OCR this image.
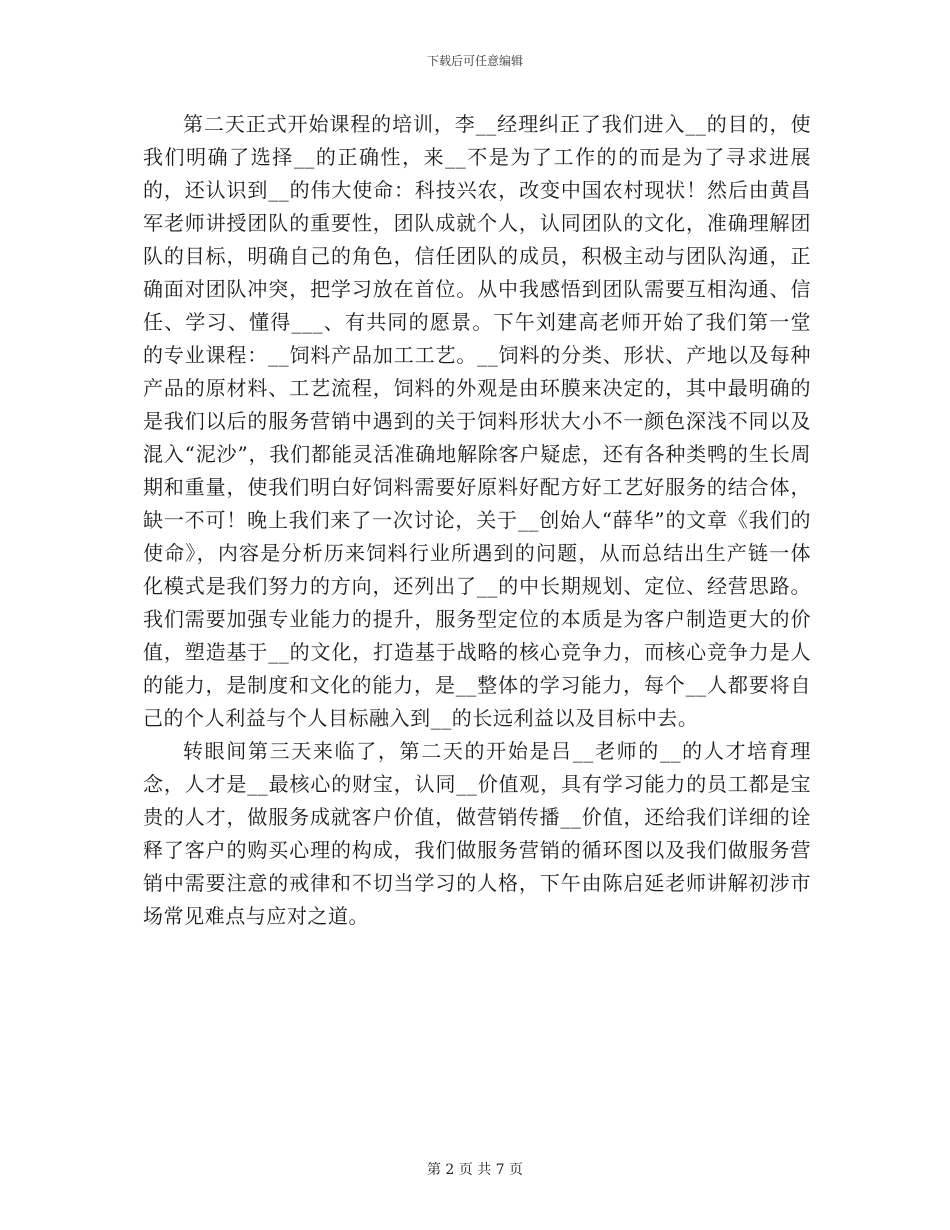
下载后可任意编辑

第二天正式开始课程的培训，李__经理纠正了我们进入__的目的，使我们明确了选择__的正确性，来__不是为了工作的的而是为了寻求进展的，还认识到__的伟大使命：科技兴农，改变中国农村现状！然后由黄昌军老师讲授团队的重要性，团队成就个人，认同团队的文化，准确理解团队的目标，明确自己的角色，信任团队的成员，积极主动与团队沟通，正确面对团队冲突，把学习放在首位。从中我感悟到团队需要互相沟通、信任、学习、懂得___、有共同的愿景。下午刘建高老师开始了我们第一堂的专业课程：__饲料产品加工工艺。__饲料的分类、形状、产地以及每种产品的原材料、工艺流程，饲料的外观是由环膜来决定的，其中最明确的是我们以后的服务营销中遇到的关于饲料形状大小不一颜色深浅不同以及混入“泥沙”，我们都能灵活准确地解除客户疑虑，还有各种类鸭的生长周期和重量，使我们明白好饲料需要好原料好配方好工艺好服务的结合体，缺一不可！晚上我们来了一次讨论，关于__创始人“薛华”的文章《我们的使命》，内容是分析历来饲料行业所遇到的问题，从而总结出生产链一体化模式是我们努力的方向，还列出了__的中长期规划、定位、经营思路。我们需要加强专业能力的提升，服务型定位的本质是为客户制造更大的价值，塑造基于__的文化，打造基于战略的核心竞争力，而核心竞争力是人的能力，是制度和文化的能力，是__整体的学习能力，每个__人都要将自己的个人利益与个人目标融入到__的长远利益以及目标中去。

转眼间第三天来临了，第二天的开始是吕__老师的__的人才培育理念，人才是__最核心的财宝，认同__价值观，具有学习能力的员工都是宝贵的人才，做服务成就客户价值，做营销传播__价值，还给我们详细的诠释了客户的购买心理的构成，我们做服务营销的循环图以及我们做服务营销中需要注意的戒律和不切当学习的人格，下午由陈启延老师讲解初涉市场常见难点与应对之道。

第 2 页 共 7 页
